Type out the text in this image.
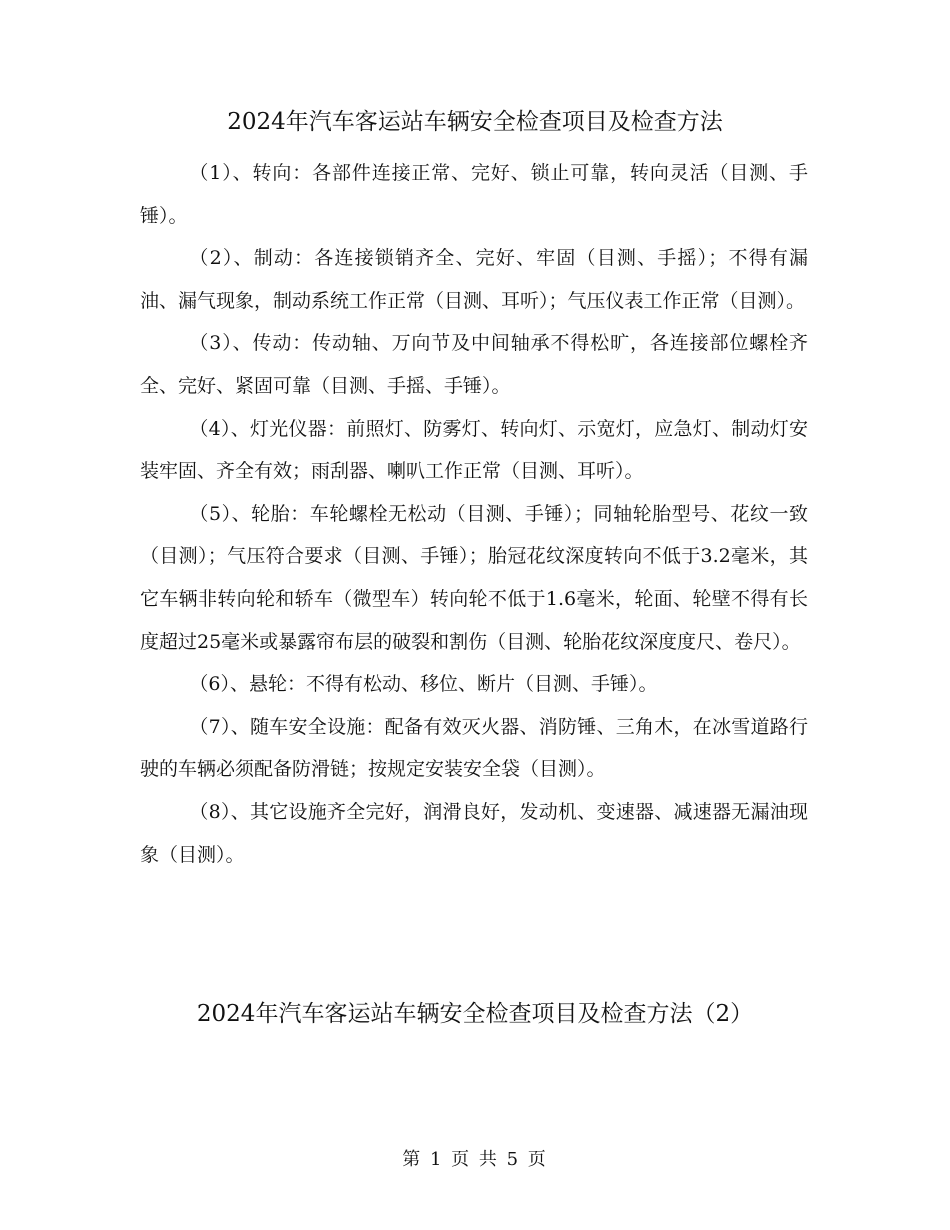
2024年汽车客运站车辆安全检查项目及检查方法

（1）、转向：各部件连接正常、完好、锁止可靠，转向灵活（目测、手锤）。

（2）、制动：各连接锁销齐全、完好、牢固（目测、手摇）；不得有漏油、漏气现象，制动系统工作正常（目测、耳听）；气压仪表工作正常（目测）。

（3）、传动：传动轴、万向节及中间轴承不得松旷，各连接部位螺栓齐全、完好、紧固可靠（目测、手摇、手锤）。

（4）、灯光仪器：前照灯、防雾灯、转向灯、示宽灯，应急灯、制动灯安装牢固、齐全有效；雨刮器、喇叭工作正常（目测、耳听）。

（5）、轮胎：车轮螺栓无松动（目测、手锤）；同轴轮胎型号、花纹一致（目测）；气压符合要求（目测、手锤）；胎冠花纹深度转向不低于3.2毫米，其它车辆非转向轮和轿车（微型车）转向轮不低于1.6毫米，轮面、轮壁不得有长度超过25毫米或暴露帘布层的破裂和割伤（目测、轮胎花纹深度度尺、卷尺）。

（6）、悬轮：不得有松动、移位、断片（目测、手锤）。

（7）、随车安全设施：配备有效灭火器、消防锤、三角木，在冰雪道路行驶的车辆必须配备防滑链；按规定安装安全袋（目测）。

（8）、其它设施齐全完好，润滑良好，发动机、变速器、减速器无漏油现象（目测）。

2024年汽车客运站车辆安全检查项目及检查方法（2）
第 1 页 共 5 页
